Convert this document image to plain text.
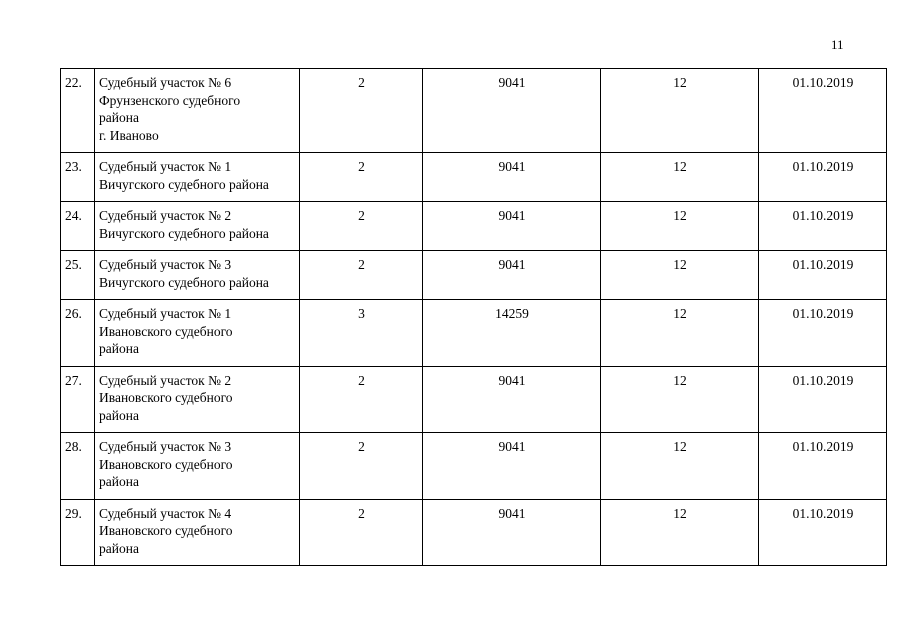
11
22.	Судебный участок № 6
Фрунзенского судебного
района
г. Иваново	2	9041	12	01.10.2019
23.	Судебный участок № 1
Вичугского судебного района	2	9041	12	01.10.2019
24.	Судебный участок № 2
Вичугского судебного района	2	9041	12	01.10.2019
25.	Судебный участок № 3
Вичугского судебного района	2	9041	12	01.10.2019
26.	Судебный участок № 1
Ивановского судебного
района	3	14259	12	01.10.2019
27.	Судебный участок № 2
Ивановского судебного
района	2	9041	12	01.10.2019
28.	Судебный участок № 3
Ивановского судебного
района	2	9041	12	01.10.2019
29.	Судебный участок № 4
Ивановского судебного
района	2	9041	12	01.10.2019
